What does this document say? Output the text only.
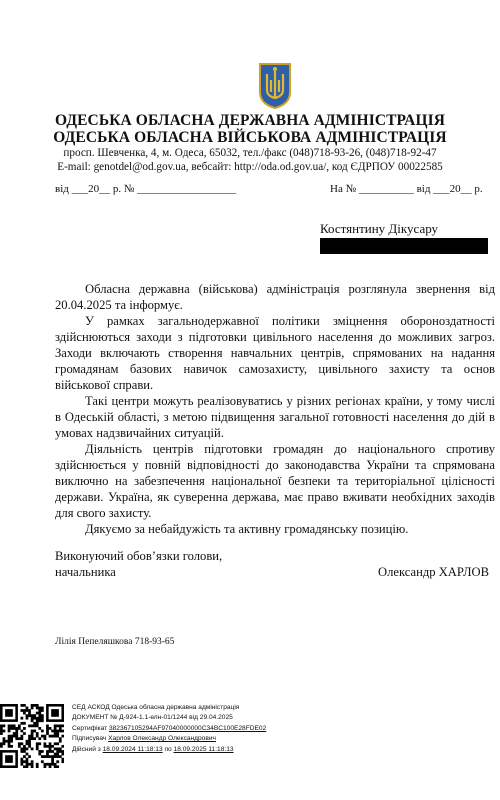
ОДЕСЬКА ОБЛАСНА ДЕРЖАВНА АДМІНІСТРАЦІЯ
ОДЕСЬКА ОБЛАСНА ВІЙСЬКОВА АДМІНІСТРАЦІЯ
просп. Шевченка, 4, м. Одеса, 65032, тел./факс (048)718-93-26, (048)718-92-47
E-mail: genotdel@od.gov.ua, вебсайт: http://oda.od.gov.ua/, код ЄДРПОУ 00022585
від ___20__ р. № __________________	На № __________ від ___20__ р.
Костянтину Дікусару

Обласна державна (військова) адміністрація розглянула звернення від 20.04.2025 та інформує.

У рамках загальнодержавної політики зміцнення обороноздатності здійснюються заходи з підготовки цивільного населення до можливих загроз. Заходи включають створення навчальних центрів, спрямованих на надання громадянам базових навичок самозахисту, цивільного захисту та основ військової справи.

Такі центри можуть реалізовуватись у різних регіонах країни, у тому числі в Одеській області, з метою підвищення загальної готовності населення до дій в умовах надзвичайних ситуацій.

Діяльність центрів підготовки громадян до національного спротиву здійснюється у повній відповідності до законодавства України та спрямована виключно на забезпечення національної безпеки та територіальної цілісності держави. Україна, як суверенна держава, має право вживати необхідних заходів для свого захисту.

Дякуємо за небайдужість та активну громадянську позицію.

Виконуючий обов’язки голови,
начальника	Олександр ХАРЛОВ
Лілія Пепеляшкова 718-93-65
СЕД АСКОД Одеська обласна державна адміністрація
ДОКУМЕНТ № Д-924-1.1-елн-01/1244 від 29.04.2025
Сертифікат 382367105294AF97040000000C34BC100E28FDE02
Підписувач Харлов Олександр Олександрович
Дійсний з 18.09.2024 11:18:13 по 18.09.2025 11:18:13
